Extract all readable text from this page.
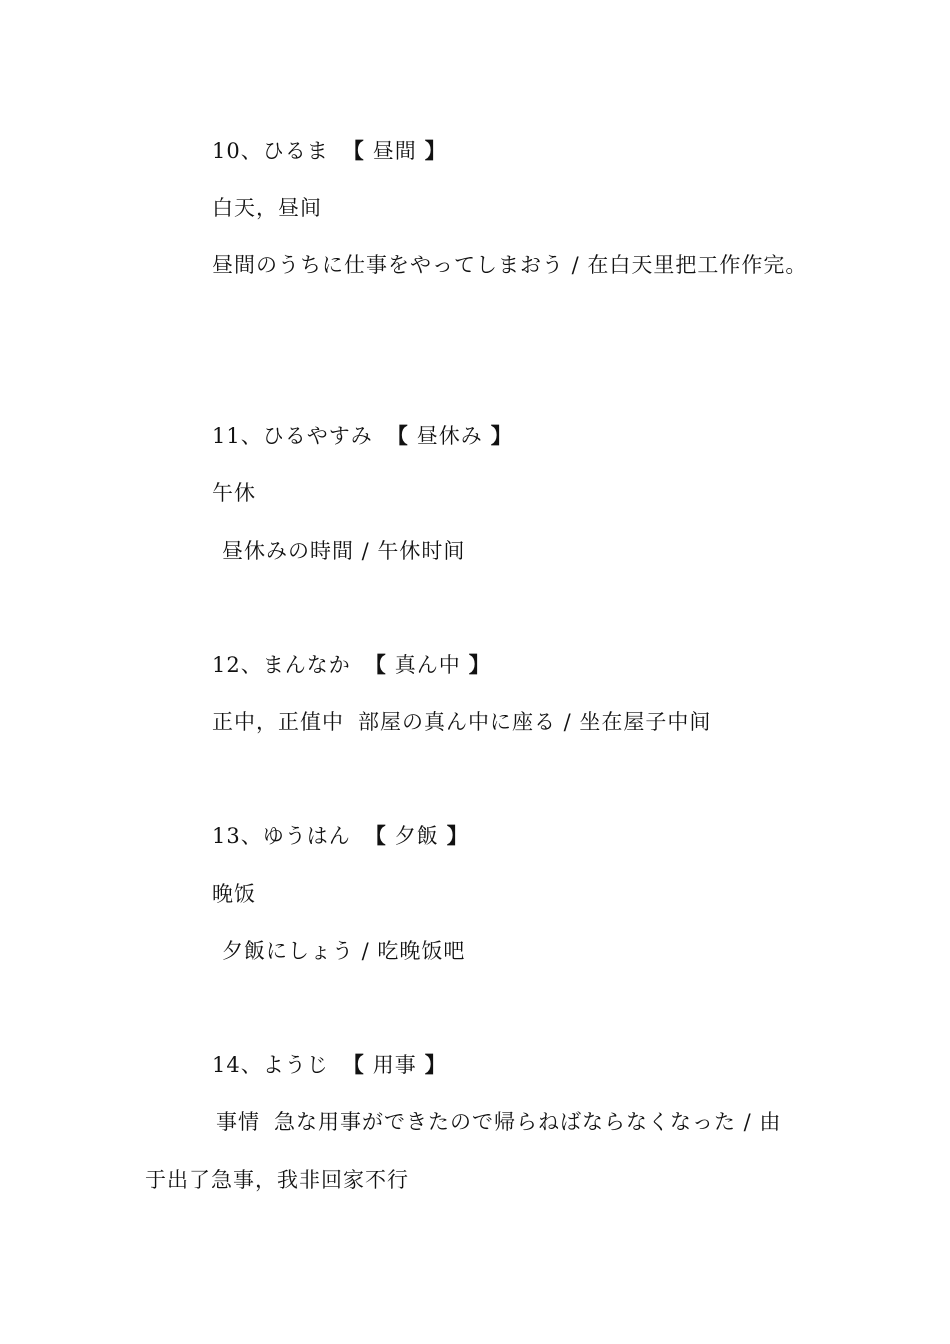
10、ひるま 【 昼間 】
白天，昼间
昼間のうちに仕事をやってしまおう / 在白天里把工作作完。
11、ひるやすみ 【 昼休み 】
午休
昼休みの時間 / 午休时间
12、まんなか 【 真ん中 】
正中，正值中 部屋の真ん中に座る / 坐在屋子中间
13、ゆうはん 【 夕飯 】
晚饭
夕飯にしょう / 吃晚饭吧
14、ようじ 【 用事 】
事情 急な用事ができたので帰らねばならなくなった / 由
于出了急事，我非回家不行
